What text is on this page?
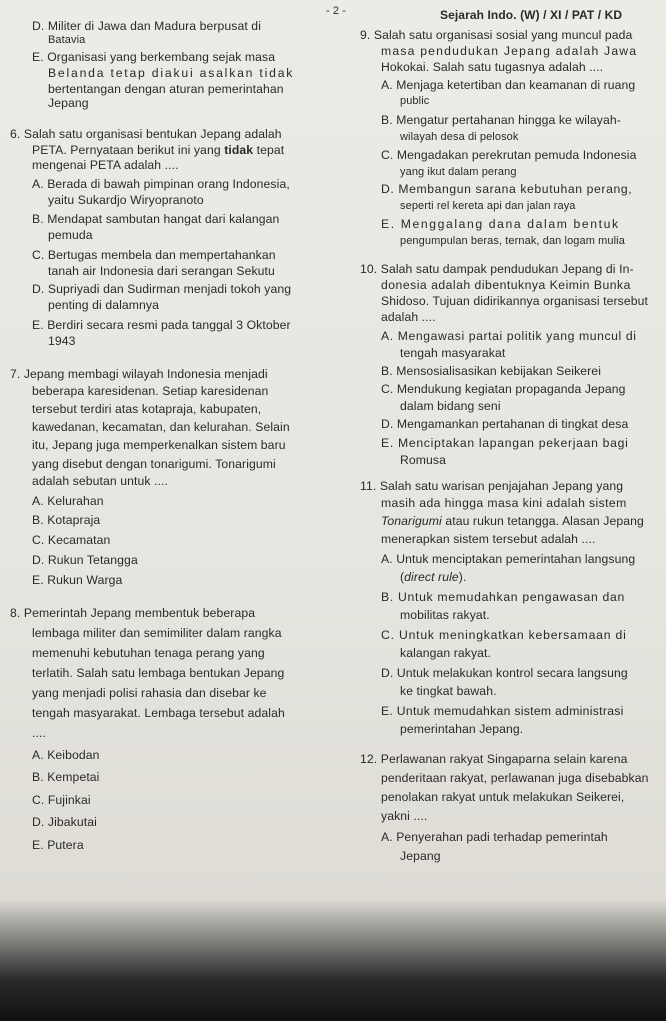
- 2 -	Sejarah Indo. (W) / XI / PAT / KD
D. Militer di Jawa dan Madura berpusat di
Batavia
E. Organisasi yang berkembang sejak masa
Belanda tetap diakui asalkan tidak
bertentangan dengan aturan pemerintahan
Jepang
6. Salah satu organisasi bentukan Jepang adalah
PETA. Pernyataan berikut ini yang tidak tepat
mengenai PETA adalah ....
A. Berada di bawah pimpinan orang Indonesia,
yaitu Sukardjo Wiryopranoto
B. Mendapat sambutan hangat dari kalangan
pemuda
C. Bertugas membela dan mempertahankan
tanah air Indonesia dari serangan Sekutu
D. Supriyadi dan Sudirman menjadi tokoh yang
penting di dalamnya
E. Berdiri secara resmi pada tanggal 3 Oktober
1943
7. Jepang membagi wilayah Indonesia menjadi
beberapa karesidenan. Setiap karesidenan
tersebut terdiri atas kotapraja, kabupaten,
kawedanan, kecamatan, dan kelurahan. Selain
itu, Jepang juga memperkenalkan sistem baru
yang disebut dengan tonarigumi. Tonarigumi
adalah sebutan untuk ....
A. Kelurahan
B. Kotapraja
C. Kecamatan
D. Rukun Tetangga
E. Rukun Warga
8. Pemerintah Jepang membentuk beberapa
lembaga militer dan semimiliter dalam rangka
memenuhi kebutuhan tenaga perang yang
terlatih. Salah satu lembaga bentukan Jepang
yang menjadi polisi rahasia dan disebar ke
tengah masyarakat. Lembaga tersebut adalah
....
A. Keibodan
B. Kempetai
C. Fujinkai
D. Jibakutai
E. Putera
9. Salah satu organisasi sosial yang muncul pada
masa pendudukan Jepang adalah Jawa
Hokokai. Salah satu tugasnya adalah ....
A. Menjaga ketertiban dan keamanan di ruang
public
B. Mengatur pertahanan hingga ke wilayah-
wilayah desa di pelosok
C. Mengadakan perekrutan pemuda Indonesia
yang ikut dalam perang
D. Membangun sarana kebutuhan perang,
seperti rel kereta api dan jalan raya
E. Menggalang dana dalam bentuk
pengumpulan beras, ternak, dan logam mulia
10. Salah satu dampak pendudukan Jepang di In-
donesia adalah dibentuknya Keimin Bunka
Shidoso. Tujuan didirikannya organisasi tersebut
adalah ....
A. Mengawasi partai politik yang muncul di
tengah masyarakat
B. Mensosialisasikan kebijakan Seikerei
C. Mendukung kegiatan propaganda Jepang
dalam bidang seni
D. Mengamankan pertahanan di tingkat desa
E. Menciptakan lapangan pekerjaan bagi
Romusa
11. Salah satu warisan penjajahan Jepang yang
masih ada hingga masa kini adalah sistem
Tonarigumi atau rukun tetangga. Alasan Jepang
menerapkan sistem tersebut adalah ....
A. Untuk menciptakan pemerintahan langsung
(direct rule).
B. Untuk memudahkan pengawasan dan
mobilitas rakyat.
C. Untuk meningkatkan kebersamaan di
kalangan rakyat.
D. Untuk melakukan kontrol secara langsung
ke tingkat bawah.
E. Untuk memudahkan sistem administrasi
pemerintahan Jepang.
12. Perlawanan rakyat Singaparna selain karena
penderitaan rakyat, perlawanan juga disebabkan
penolakan rakyat untuk melakukan Seikerei,
yakni ....
A. Penyerahan padi terhadap pemerintah
Jepang
